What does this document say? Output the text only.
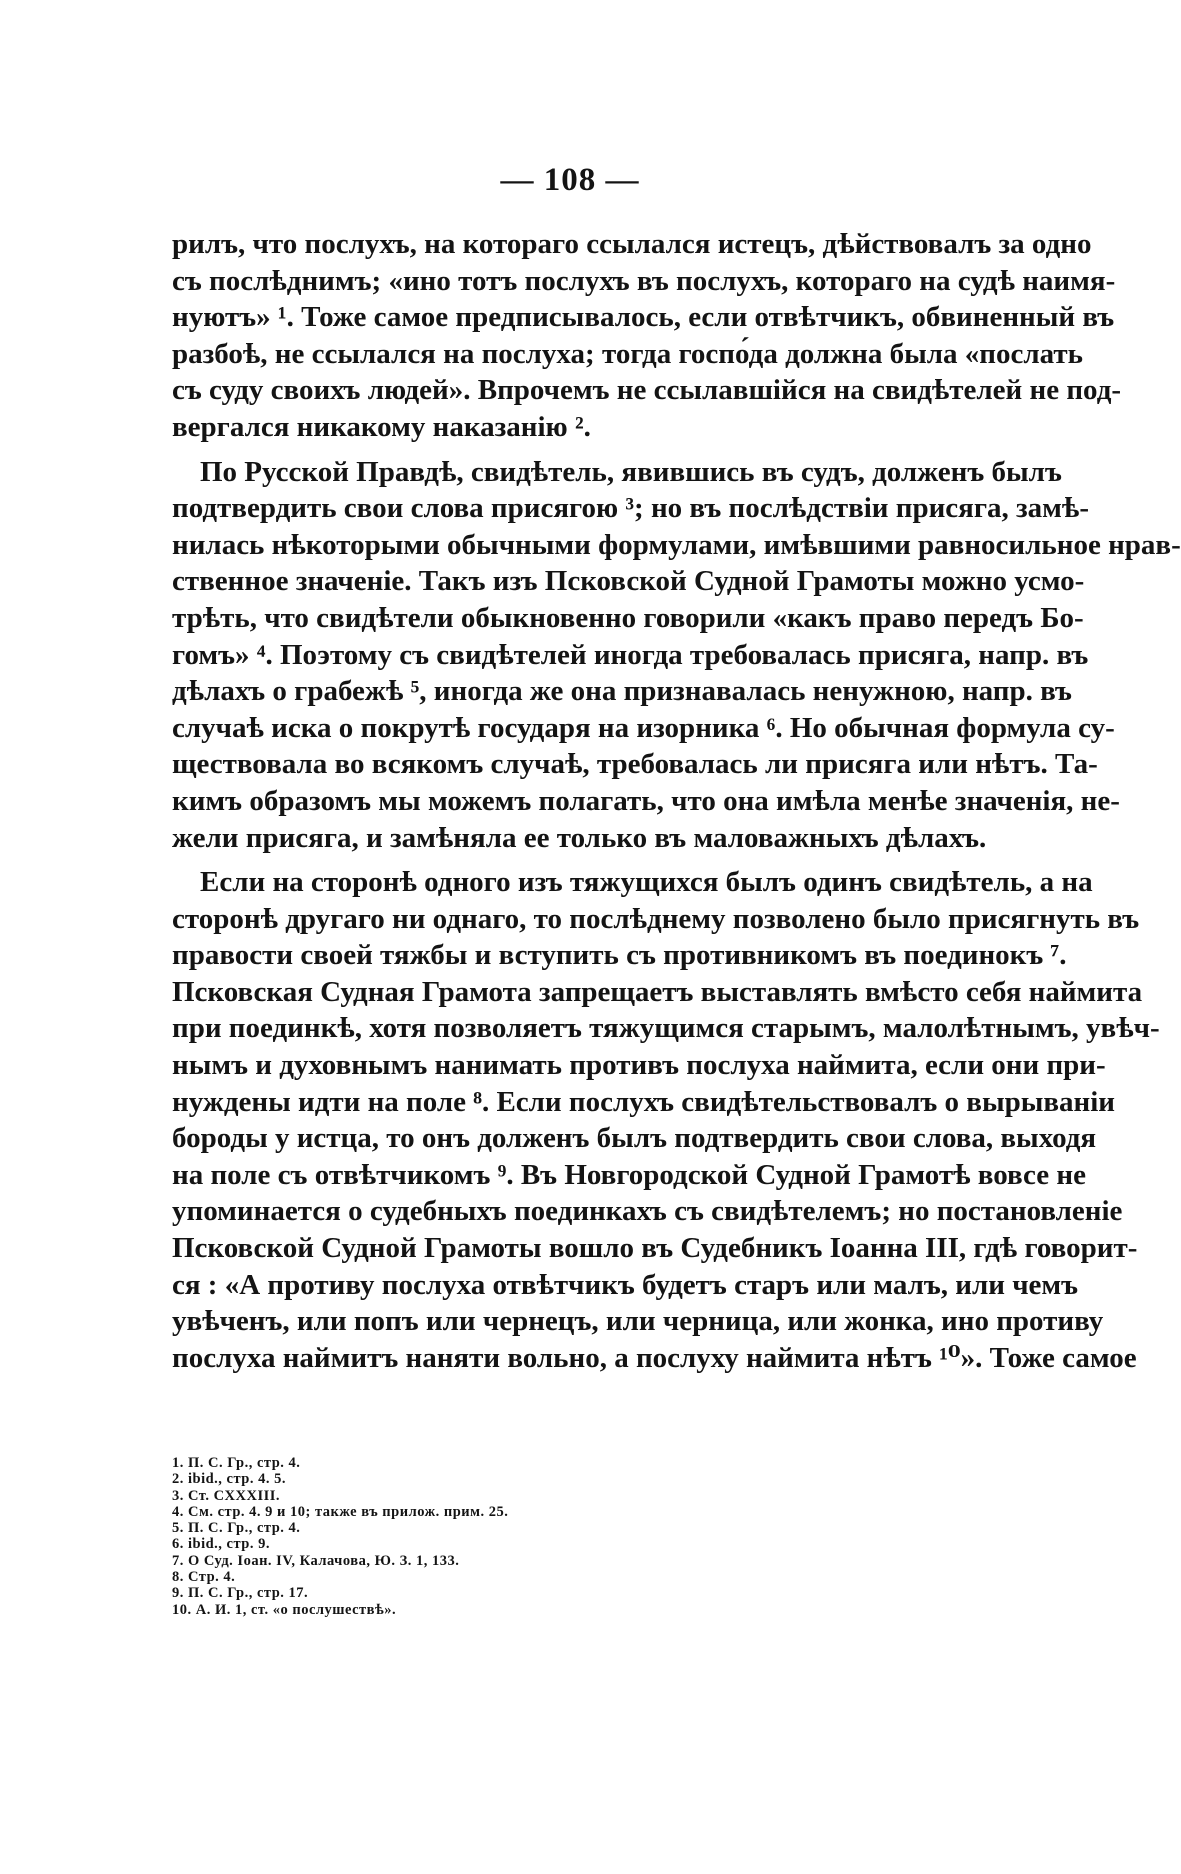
— 108 —
рилъ, что послухъ, на котораго ссылался истецъ, дѣйствовалъ за одно
съ послѣднимъ; «ино тотъ послухъ въ послухъ, котораго на судѣ наимя-
нуютъ» ¹. Тоже самое предписывалось, если отвѣтчикъ, обвиненный въ
разбоѣ, не ссылался на послуха; тогда госпо́да должна была «послать
съ суду своихъ людей». Впрочемъ не ссылавшійся на свидѣтелей не под-
вергался никакому наказанію ².
По Русской Правдѣ, свидѣтель, явившись въ судъ, долженъ былъ
подтвердить свои слова присягою ³; но въ послѣдствіи присяга, замѣ-
нилась нѣкоторыми обычными формулами, имѣвшими равносильное нрав-
ственное значеніе. Такъ изъ Псковской Судной Грамоты можно усмо-
трѣть, что свидѣтели обыкновенно говорили «какъ право передъ Бо-
гомъ» ⁴. Поэтому съ свидѣтелей иногда требовалась присяга, напр. въ
дѣлахъ о грабежѣ ⁵, иногда же она признавалась ненужною, напр. въ
случаѣ иска о покрутѣ государя на изорника ⁶. Но обычная формула су-
ществовала во всякомъ случаѣ, требовалась ли присяга или нѣтъ. Та-
кимъ образомъ мы можемъ полагать, что она имѣла менѣе значенія, не-
жели присяга, и замѣняла ее только въ маловажныхъ дѣлахъ.
Если на сторонѣ одного изъ тяжущихся былъ одинъ свидѣтель, а на
сторонѣ другаго ни однаго, то послѣднему позволено было присягнуть въ
правости своей тяжбы и вступить съ противникомъ въ поединокъ ⁷.
Псковская Судная Грамота запрещаетъ выставлять вмѣсто себя наймита
при поединкѣ, хотя позволяетъ тяжущимся старымъ, малолѣтнымъ, увѣч-
нымъ и духовнымъ нанимать противъ послуха наймита, если они при-
нуждены идти на поле ⁸. Если послухъ свидѣтельствовалъ о вырываніи
бороды у истца, то онъ долженъ былъ подтвердить свои слова, выходя
на поле съ отвѣтчикомъ ⁹. Въ Новгородской Судной Грамотѣ вовсе не
упоминается о судебныхъ поединкахъ съ свидѣтелемъ; но постановленіе
Псковской Судной Грамоты вошло въ Судебникъ Іоанна III, гдѣ говорит-
ся : «А противу послуха отвѣтчикъ будетъ старъ или малъ, или чемъ
увѣченъ, или попъ или чернецъ, или черница, или жонка, ино противу
послуха наймитъ наняти вольно, а послуху наймита нѣтъ ¹⁰». Тоже самое
1. П. С. Гр., стр. 4.
2. ibid., стр. 4. 5.
3. Ст. CXXXIII.
4. См. стр. 4. 9 и 10; также въ прилож. прим. 25.
5. П. С. Гр., стр. 4.
6. ibid., стр. 9.
7. О Суд. Іоан. IV, Калачова, Ю. З. 1, 133.
8. Стр. 4.
9. П. С. Гр., стр. 17.
10. А. И. 1, ст. «о послушествѣ».
